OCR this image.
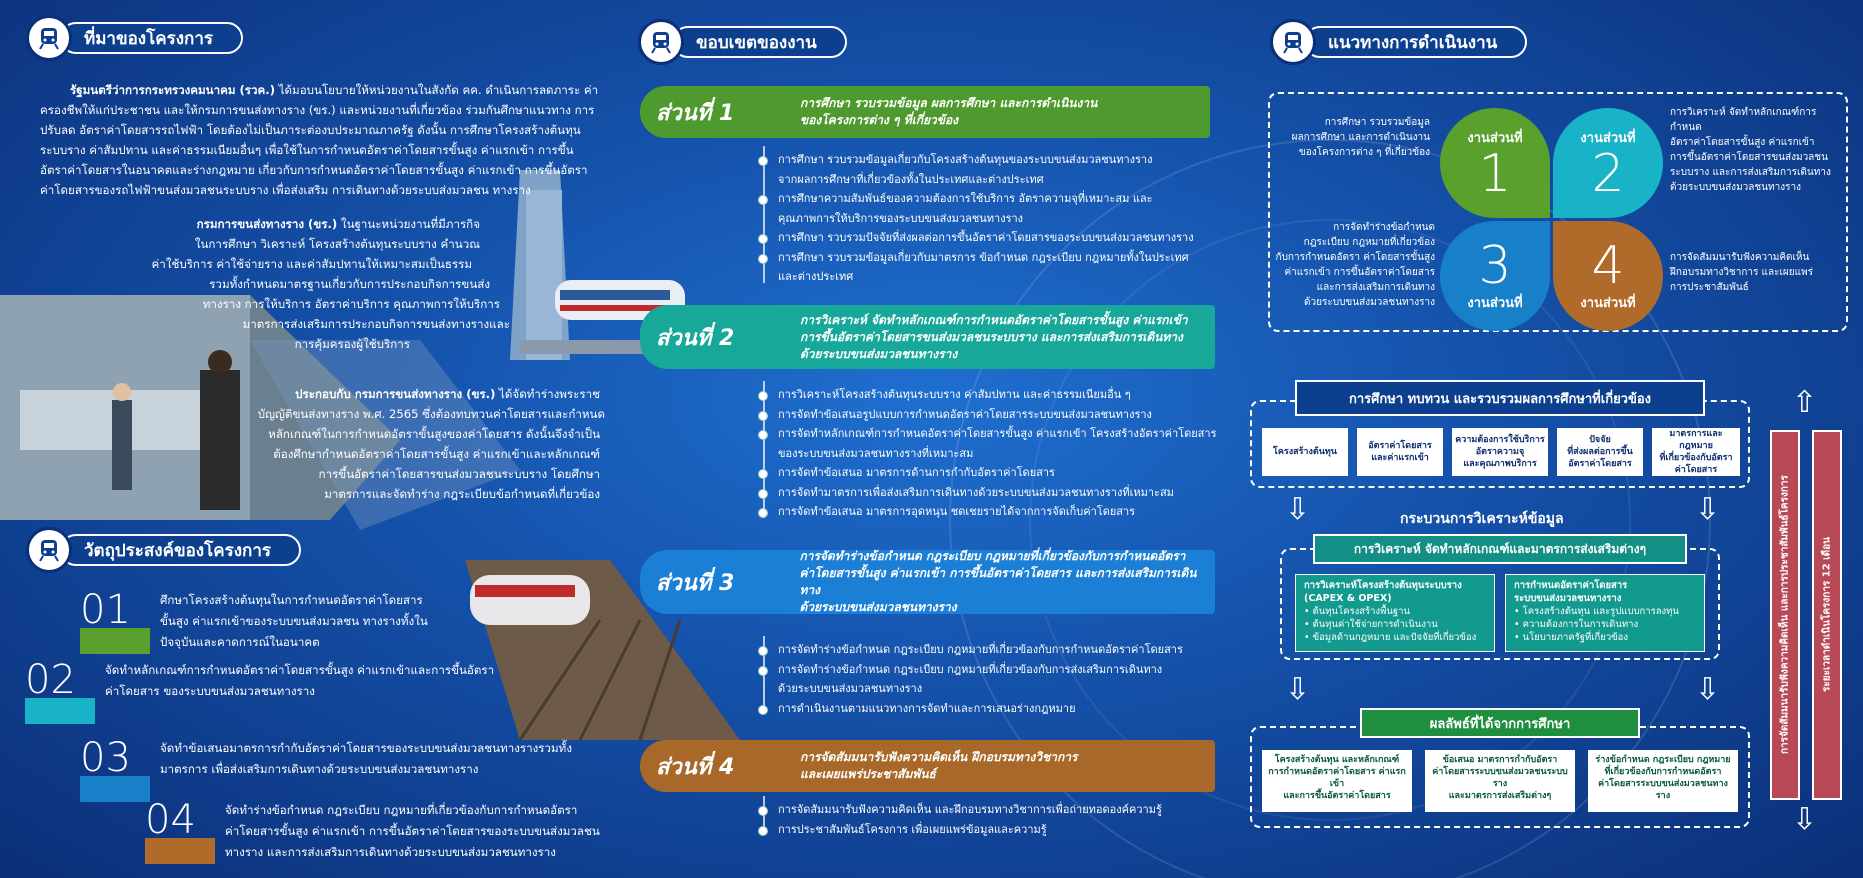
ที่มาของโครงการ
รัฐมนตรีว่าการกระทรวงคมนาคม (รวค.) ได้มอบนโยบายให้หน่วยงานในสังกัด คค. ดำเนินการลดภาระ ค่าครองชีพให้แก่ประชาชน และให้กรมการขนส่งทางราง (ขร.) และหน่วยงานที่เกี่ยวข้อง ร่วมกันศึกษาแนวทาง การปรับลด อัตราค่าโดยสารรถไฟฟ้า โดยต้องไม่เป็นภาระต่องบประมาณภาครัฐ ดังนั้น การศึกษาโครงสร้างต้นทุนระบบราง ค่าสัมปทาน และค่าธรรมเนียมอื่นๆ เพื่อใช้ในการกำหนดอัตราค่าโดยสารขั้นสูง ค่าแรกเข้า การขึ้นอัตราค่าโดยสารในอนาคตและร่างกฎหมาย เกี่ยวกับการกำหนดอัตราค่าโดยสารขั้นสูง ค่าแรกเข้า การขึ้นอัตราค่าโดยสารของรถไฟฟ้าขนส่งมวลชนระบบราง เพื่อส่งเสริม การเดินทางด้วยระบบส่งมวลชน ทางราง
กรมการขนส่งทางราง (ขร.) ในฐานะหน่วยงานที่มีภารกิจ
ในการศึกษา วิเคราะห์ โครงสร้างต้นทุนระบบราง คำนวณ
ค่าใช้บริการ ค่าใช้จ่ายราง และค่าสัมปทานให้เหมาะสมเป็นธรรม
รวมทั้งกำหนดมาตรฐานเกี่ยวกับการประกอบกิจการขนส่ง
ทางราง การให้บริการ อัตราค่าบริการ คุณภาพการให้บริการ
มาตรการส่งเสริมการประกอบกิจการขนส่งทางรางและ
การคุ้มครองผู้ใช้บริการ
ประกอบกับ กรมการขนส่งทางราง (ขร.) ได้จัดทำร่างพระราช
บัญญัติขนส่งทางราง พ.ศ. 2565 ซึ่งต้องทบทวนค่าโดยสารและกำหนด
หลักเกณฑ์ในการกำหนดอัตราขั้นสูงของค่าโดยสาร ดังนั้นจึงจำเป็น
ต้องศึกษากำหนดอัตราค่าโดยสารขั้นสูง ค่าแรกเข้าและหลักเกณฑ์
การขึ้นอัตราค่าโดยสารขนส่งมวลชนระบบราง โดยศึกษา
มาตรการและจัดทำร่าง กฎระเบียบข้อกำหนดที่เกี่ยวข้อง
วัตถุประสงค์ของโครงการ
01	ศึกษาโครงสร้างต้นทุนในการกำหนดอัตราค่าโดยสาร
ขั้นสูง ค่าแรกเข้าของระบบขนส่งมวลชน ทางรางทั้งใน
ปัจจุบันและคาดการณ์ในอนาคต
02	จัดทำหลักเกณฑ์การกำหนดอัตราค่าโดยสารขั้นสูง ค่าแรกเข้าและการขึ้นอัตรา
ค่าโดยสาร ของระบบขนส่งมวลชนทางราง
03	จัดทำข้อเสนอมาตรการกำกับอัตราค่าโดยสารของระบบขนส่งมวลชนทางรางรวมทั้ง
มาตรการ เพื่อส่งเสริมการเดินทางด้วยระบบขนส่งมวลชนทางราง
04	จัดทำร่างข้อกำหนด กฎระเบียบ กฎหมายที่เกี่ยวข้องกับการกำหนดอัตรา
ค่าโดยสารขั้นสูง ค่าแรกเข้า การขึ้นอัตราค่าโดยสารของระบบขนส่งมวลชน
ทางราง และการส่งเสริมการเดินทางด้วยระบบขนส่งมวลชนทางราง
ขอบเขตของงาน
ส่วนที่ 1	การศึกษา รวบรวมข้อมูล ผลการศึกษา และการดำเนินงาน
ของโครงการต่าง ๆ ที่เกี่ยวข้อง
การศึกษา รวบรวมข้อมูลเกี่ยวกับโครงสร้างต้นทุนของระบบขนส่งมวลชนทางราง
จากผลการศึกษาที่เกี่ยวข้องทั้งในประเทศและต่างประเทศ
การศึกษาความสัมพันธ์ของความต้องการใช้บริการ อัตราความจุที่เหมาะสม และ
คุณภาพการให้บริการของระบบขนส่งมวลชนทางราง
การศึกษา รวบรวมปัจจัยที่ส่งผลต่อการขึ้นอัตราค่าโดยสารของระบบขนส่งมวลชนทางราง
การศึกษา รวบรวมข้อมูลเกี่ยวกับมาตรการ ข้อกำหนด กฎระเบียบ กฎหมายทั้งในประเทศ
และต่างประเทศ
ส่วนที่ 2
การวิเคราะห์ จัดทำหลักเกณฑ์การกำหนดอัตราค่าโดยสารขั้นสูง ค่าแรกเข้า
การขึ้นอัตราค่าโดยสารขนส่งมวลชนระบบราง และการส่งเสริมการเดินทาง
ด้วยระบบขนส่งมวลชนทางราง
การวิเคราะห์โครงสร้างต้นทุนระบบราง ค่าสัมปทาน และค่าธรรมเนียมอื่น ๆ
การจัดทำข้อเสนอรูปแบบการกำหนดอัตราค่าโดยสารระบบขนส่งมวลชนทางราง
การจัดทำหลักเกณฑ์การกำหนดอัตราค่าโดยสารขั้นสูง ค่าแรกเข้า โครงสร้างอัตราค่าโดยสาร
ของระบบขนส่งมวลชนทางรางที่เหมาะสม
การจัดทำข้อเสนอ มาตรการด้านการกำกับอัตราค่าโดยสาร
การจัดทำมาตรการเพื่อส่งเสริมการเดินทางด้วยระบบขนส่งมวลชนทางรางที่เหมาะสม
การจัดทำข้อเสนอ มาตรการอุดหนุน ชดเชยรายได้จากการจัดเก็บค่าโดยสาร
ส่วนที่ 3
การจัดทำร่างข้อกำหนด กฎระเบียบ กฎหมายที่เกี่ยวข้องกับการกำหนดอัตรา
ค่าโดยสารขั้นสูง ค่าแรกเข้า การขึ้นอัตราค่าโดยสาร และการส่งเสริมการเดินทาง
ด้วยระบบขนส่งมวลชนทางราง
การจัดทำร่างข้อกำหนด กฎระเบียบ กฎหมายที่เกี่ยวข้องกับการกำหนดอัตราค่าโดยสาร
การจัดทำร่างข้อกำหนด กฎระเบียบ กฎหมายที่เกี่ยวข้องกับการส่งเสริมการเดินทาง
ด้วยระบบขนส่งมวลชนทางราง
การดำเนินงานตามแนวทางการจัดทำและการเสนอร่างกฎหมาย
ส่วนที่ 4	การจัดสัมมนารับฟังความคิดเห็น ฝึกอบรมทางวิชาการ
และเผยแพร่ประชาสัมพันธ์
การจัดสัมมนารับฟังความคิดเห็น และฝึกอบรมทางวิชาการเพื่อถ่ายทอดองค์ความรู้
การประชาสัมพันธ์โครงการ เพื่อเผยแพร่ข้อมูลและความรู้
แนวทางการดำเนินงาน
งานส่วนที่
1
งานส่วนที่
2
3
งานส่วนที่
4
งานส่วนที่
การศึกษา รวบรวมข้อมูล
ผลการศึกษา และการดำเนินงาน
ของโครงการต่าง ๆ ที่เกี่ยวข้อง
การวิเคราะห์ จัดทำหลักเกณฑ์การกำหนด
อัตราค่าโดยสารขั้นสูง ค่าแรกเข้า
การขึ้นอัตราค่าโดยสารขนส่งมวลชน
ระบบราง และการส่งเสริมการเดินทาง
ด้วยระบบขนส่งมวลชนทางราง
การจัดทำร่างข้อกำหนด
กฎระเบียบ กฎหมายที่เกี่ยวข้อง
กับการกำหนดอัตรา ค่าโดยสารขั้นสูง
ค่าแรกเข้า การขึ้นอัตราค่าโดยสาร
และการส่งเสริมการเดินทาง
ด้วยระบบขนส่งมวลชนทางราง
การจัดสัมมนารับฟังความคิดเห็น
ฝึกอบรมทางวิชาการ และเผยแพร่
การประชาสัมพันธ์
การศึกษา ทบทวน และรวบรวมผลการศึกษาที่เกี่ยวข้อง
โครงสร้างต้นทุน
อัตราค่าโดยสาร
และค่าแรกเข้า
ความต้องการใช้บริการ
อัตราความจุ
และคุณภาพบริการ
ปัจจัย
ที่ส่งผลต่อการขึ้น
อัตราค่าโดยสาร
มาตรการและกฎหมาย
ที่เกี่ยวข้องกับอัตรา
ค่าโดยสาร
⇩	⇩
กระบวนการวิเคราะห์ข้อมูล
การวิเคราะห์ จัดทำหลักเกณฑ์และมาตรการส่งเสริมต่างๆ
การวิเคราะห์โครงสร้างต้นทุนระบบราง
(CAPEX & OPEX)
• ต้นทุนโครงสร้างพื้นฐาน
• ต้นทุนค่าใช้จ่ายการดำเนินงาน
• ข้อมูลด้านกฎหมาย และปัจจัยที่เกี่ยวข้อง
การกำหนดอัตราค่าโดยสาร
ระบบขนส่งมวลชนทางราง
• โครงสร้างต้นทุน และรูปแบบการลงทุน
• ความต้องการในการเดินทาง
• นโยบายภาครัฐที่เกี่ยวข้อง
⇩	⇩
ผลลัพธ์ที่ได้จากการศึกษา
โครงสร้างต้นทุน และหลักเกณฑ์
การกำหนดอัตราค่าโดยสาร ค่าแรกเข้า
และการขึ้นอัตราค่าโดยสาร
ข้อเสนอ มาตรการกำกับอัตรา
ค่าโดยสารระบบขนส่งมวลชนระบบราง
และมาตรการส่งเสริมต่างๆ
ร่างข้อกำหนด กฎระเบียบ กฎหมาย
ที่เกี่ยวข้องกับการกำหนดอัตรา
ค่าโดยสารระบบขนส่งมวลชนทางราง
⇧
การจัดสัมมนารับฟังความคิดเห็น และการประชาสัมพันธ์โครงการ	ระยะเวลาดำเนินโครงการ 12 เดือน
⇩
